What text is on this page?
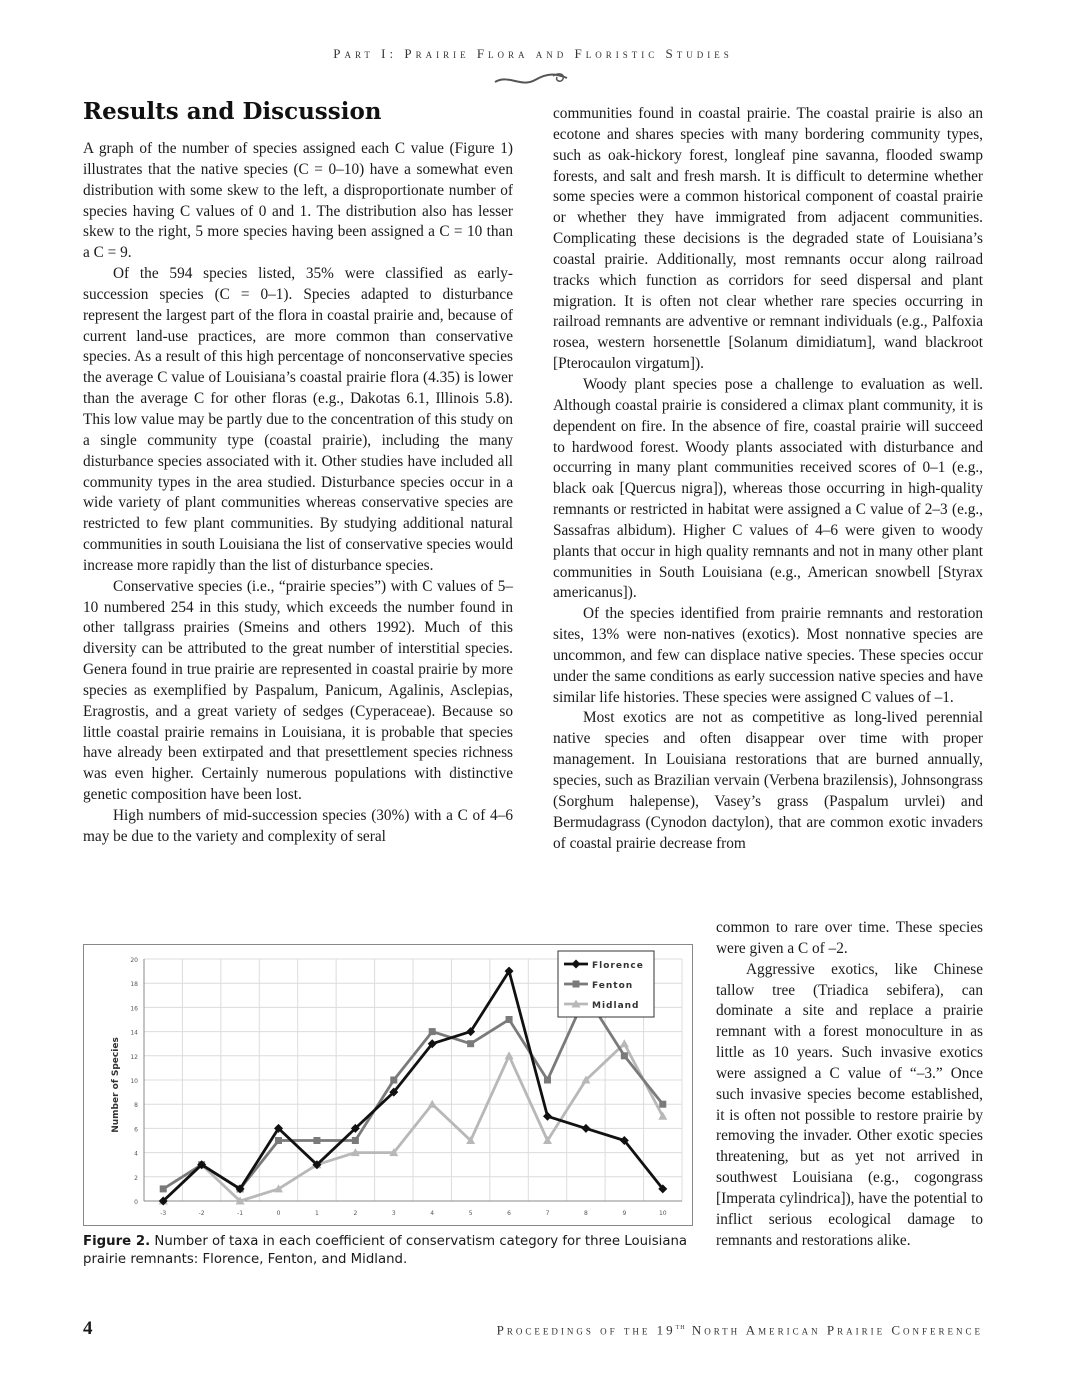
Part I: Prairie Flora and Floristic Studies
Results and Discussion

A graph of the number of species assigned each C value (Figure 1) illustrates that the native species (C = 0–10) have a somewhat even distribution with some skew to the left, a disproportionate number of species having C values of 0 and 1. The distribution also has lesser skew to the right, 5 more species having been assigned a C = 10 than a C = 9.

Of the 594 species listed, 35% were classified as early-succession species (C = 0–1). Species adapted to disturbance represent the largest part of the flora in coastal prairie and, because of current land-use practices, are more common than conservative species. As a result of this high percentage of nonconservative species the average C value of Louisiana’s coastal prairie flora (4.35) is lower than the average C for other floras (e.g., Dakotas 6.1, Illinois 5.8). This low value may be partly due to the concentration of this study on a single community type (coastal prairie), including the many disturbance species associated with it. Other studies have included all community types in the area studied. Disturbance species occur in a wide variety of plant communities whereas conservative species are restricted to few plant communities. By studying additional natural communities in south Louisiana the list of conservative species would increase more rapidly than the list of disturbance species.

Conservative species (i.e., “prairie species”) with C values of 5–10 numbered 254 in this study, which exceeds the number found in other tallgrass prairies (Smeins and others 1992). Much of this diversity can be attributed to the great number of interstitial species. Genera found in true prairie are represented in coastal prairie by more species as exemplified by Paspalum, Panicum, Agalinis, Asclepias, Eragrostis, and a great variety of sedges (Cyperaceae). Because so little coastal prairie remains in Louisiana, it is probable that species have already been extirpated and that presettlement species richness was even higher. Certainly numerous populations with distinctive genetic composition have been lost.

High numbers of mid-succession species (30%) with a C of 4–6 may be due to the variety and complexity of seral

communities found in coastal prairie. The coastal prairie is also an ecotone and shares species with many bordering community types, such as oak-hickory forest, longleaf pine savanna, flooded swamp forests, and salt and fresh marsh. It is difficult to determine whether some species were a common historical component of coastal prairie or whether they have immigrated from adjacent communities. Complicating these decisions is the degraded state of Louisiana’s coastal prairie. Additionally, most remnants occur along railroad tracks which function as corridors for seed dispersal and plant migration. It is often not clear whether rare species occurring in railroad remnants are adventive or remnant individuals (e.g., Palfoxia rosea, western horsenettle [Solanum dimidiatum], wand blackroot [Pterocaulon virgatum]).

Woody plant species pose a challenge to evaluation as well. Although coastal prairie is considered a climax plant community, it is dependent on fire. In the absence of fire, coastal prairie will succeed to hardwood forest. Woody plants associated with disturbance and occurring in many plant communities received scores of 0–1 (e.g., black oak [Quercus nigra]), whereas those occurring in high-quality remnants or restricted in habitat were assigned a C value of 2–3 (e.g., Sassafras albidum). Higher C values of 4–6 were given to woody plants that occur in high quality remnants and not in many other plant communities in South Louisiana (e.g., American snowbell [Styrax americanus]).

Of the species identified from prairie remnants and restoration sites, 13% were non-natives (exotics). Most nonnative species are uncommon, and few can displace native species. These species occur under the same conditions as early succession native species and have similar life histories. These species were assigned C values of –1.

Most exotics are not as competitive as long-lived perennial native species and often disappear over time with proper management. In Louisiana restorations that are burned annually, species, such as Brazilian vervain (Verbena brazilensis), Johnsongrass (Sorghum halepense), Vasey’s grass (Paspalum urvlei) and Bermudagrass (Cynodon dactylon), that are common exotic invaders of coastal prairie decrease from

common to rare over time. These species were given a C of –2.

Aggressive exotics, like Chinese tallow tree (Triadica sebifera), can dominate a site and replace a prairie remnant with a forest monoculture in as little as 10 years. Such invasive exotics were assigned a C value of “–3.” Once such invasive species become established, it is often not possible to restore prairie by removing the invader. Other exotic species threatening, but as yet not arrived in southwest Louisiana (e.g., cogongrass [Imperata cylindrica]), have the potential to inflict serious ecological damage to remnants and restorations alike.

0
2
4
6
8
10
12
14
16
18
20
-3	-2	-1	0	1	2	3	4	5	6	7	8	9	10
Number of Species
Florence
Fenton
Midland
Figure 2. Number of taxa in each coefficient of conservatism category for three Louisiana prairie remnants: Florence, Fenton, and Midland.
4	Proceedings of the 19th North American Prairie Conference
